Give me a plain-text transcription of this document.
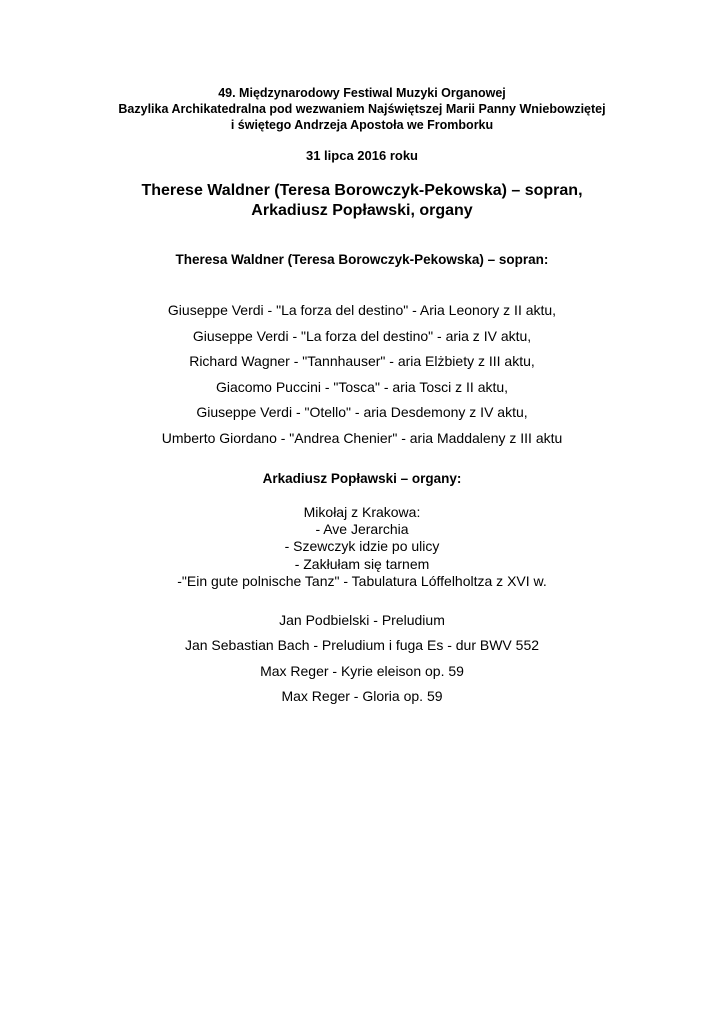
49. Międzynarodowy Festiwal Muzyki Organowej
Bazylika Archikatedralna pod wezwaniem Najświętszej Marii Panny Wniebowziętej
i świętego Andrzeja Apostoła we Fromborku
31 lipca 2016 roku
Therese Waldner (Teresa Borowczyk-Pekowska) – sopran,
Arkadiusz Popławski, organy
Theresa Waldner (Teresa Borowczyk-Pekowska) – sopran:
Giuseppe Verdi - "La forza del destino" - Aria Leonory z II aktu,
Giuseppe Verdi - "La forza del destino" - aria z IV aktu,
Richard Wagner - "Tannhauser" - aria Elżbiety z III aktu,
Giacomo Puccini - "Tosca" - aria Tosci z II aktu,
Giuseppe Verdi - "Otello" - aria Desdemony z IV aktu,
Umberto Giordano - "Andrea Chenier" - aria Maddaleny z III aktu
Arkadiusz Popławski – organy:
Mikołaj z Krakowa:
- Ave Jerarchia
- Szewczyk idzie po ulicy
- Zakłułam się tarnem
-"Ein gute polnische Tanz" - Tabulatura Lóffelholtza z XVI w.
Jan Podbielski - Preludium
Jan Sebastian Bach - Preludium i fuga Es - dur BWV 552
Max Reger - Kyrie eleison op. 59
Max Reger - Gloria op. 59
